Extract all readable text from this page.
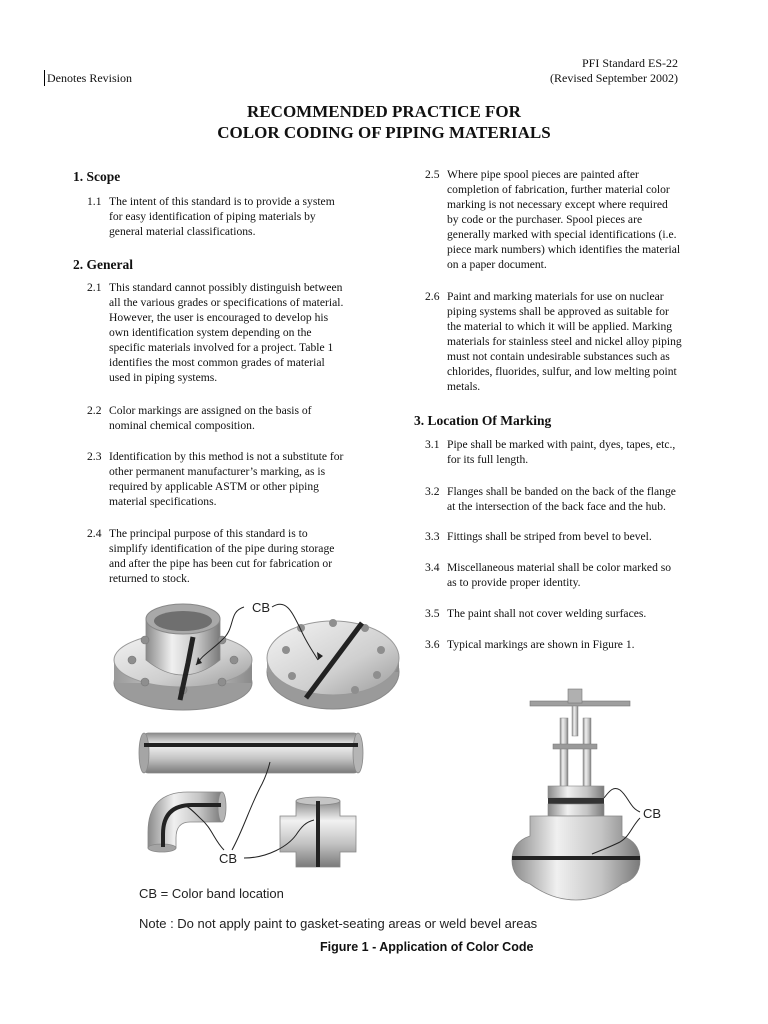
Denotes Revision
PFI Standard ES-22
(Revised September 2002)
RECOMMENDED PRACTICE FOR
COLOR CODING OF PIPING MATERIALS
1. Scope
1.1 The intent of this standard is to provide a system
for easy identification of piping materials by
general material classifications.
2. General
2.1 This standard cannot possibly distinguish between
all the various grades or specifications of material.
However, the user is encouraged to develop his
own identification system depending on the
specific materials involved for a project. Table 1
identifies the most common grades of material
used in piping systems.
2.2 Color markings are assigned on the basis of
nominal chemical composition.
2.3 Identification by this method is not a substitute for
other permanent manufacturer’s marking, as is
required by applicable ASTM or other piping
material specifications.
2.4 The principal purpose of this standard is to
simplify identification of the pipe during storage
and after the pipe has been cut for fabrication or
returned to stock.
2.5 Where pipe spool pieces are painted after
completion of fabrication, further material color
marking is not necessary except where required
by code or the purchaser. Spool pieces are
generally marked with special identifications (i.e.
piece mark numbers) which identifies the material
on a paper document.
2.6 Paint and marking materials for use on nuclear
piping systems shall be approved as suitable for
the material to which it will be applied. Marking
materials for stainless steel and nickel alloy piping
must not contain undesirable substances such as
chlorides, fluorides, sulfur, and low melting point
metals.
3. Location Of Marking
3.1 Pipe shall be marked with paint, dyes, tapes, etc.,
for its full length.
3.2 Flanges shall be banded on the back of the flange
at the intersection of the back face and the hub.
3.3 Fittings shall be striped from bevel to bevel.
3.4 Miscellaneous material shall be color marked so
as to provide proper identity.
3.5 The paint shall not cover welding surfaces.
3.6 Typical markings are shown in Figure 1.
CB
CB
CB
CB = Color band location
Note : Do not apply paint to gasket-seating areas or weld bevel areas
Figure 1 - Application of Color Code
